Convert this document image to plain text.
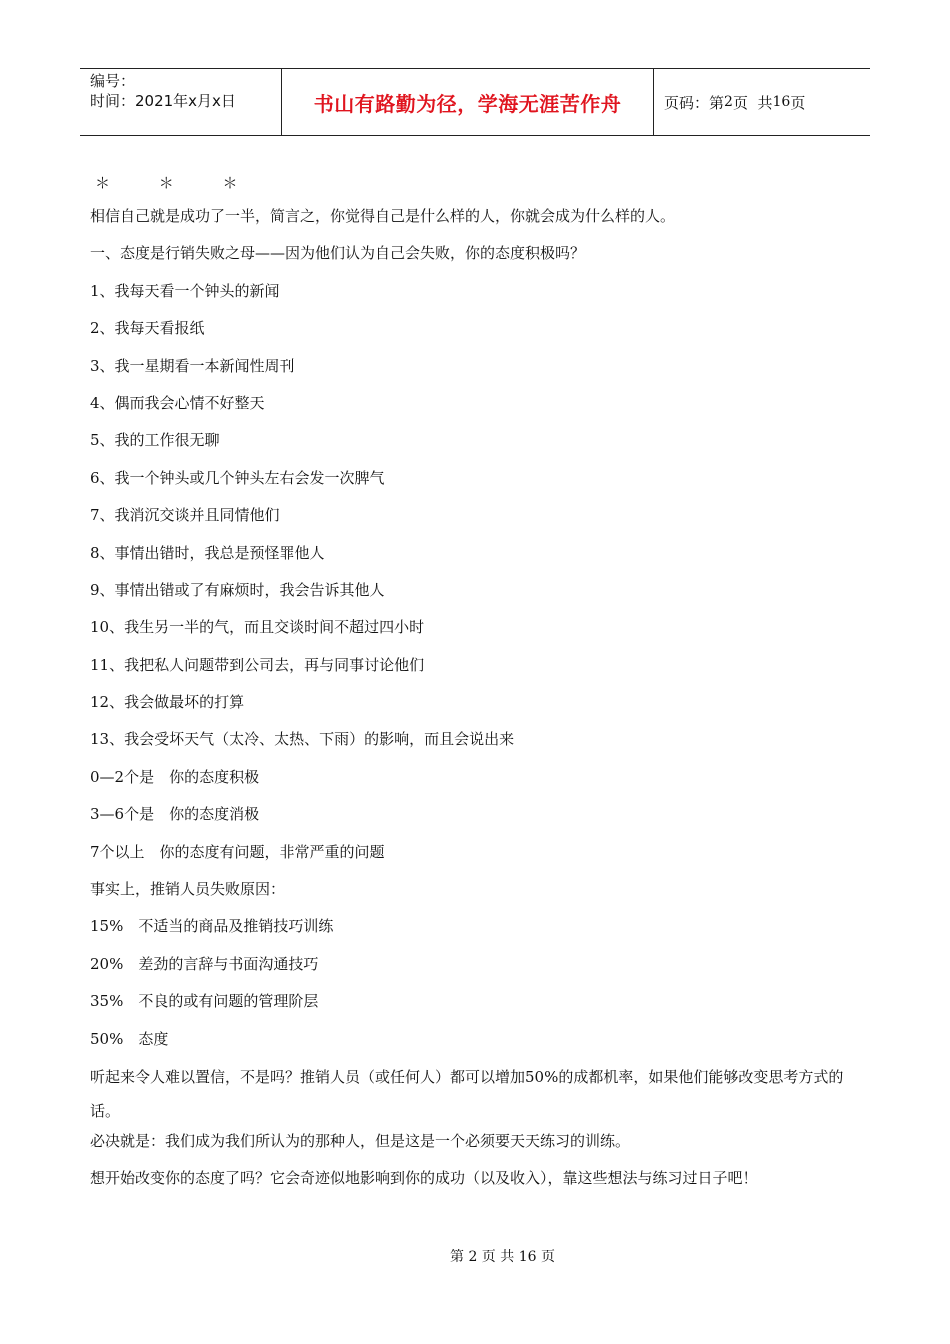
编号：
时间：2021年x月x日	书山有路勤为径，学海无涯苦作舟	页码：第 2 页  共 16 页
＊ ＊ ＊
相信自己就是成功了一半，简言之，你觉得自己是什么样的人，你就会成为什么样的人。
一、态度是行销失败之母——因为他们认为自己会失败，你的态度积极吗？
1、我每天看一个钟头的新闻
2、我每天看报纸
3、我一星期看一本新闻性周刊
4、偶而我会心情不好整天
5、我的工作很无聊
6、我一个钟头或几个钟头左右会发一次脾气
7、我消沉交谈并且同情他们
8、事情出错时，我总是预怪罪他人
9、事情出错或了有麻烦时，我会告诉其他人
10、我生另一半的气，而且交谈时间不超过四小时
11、我把私人问题带到公司去，再与同事讨论他们
12、我会做最坏的打算
13、我会受坏天气（太冷、太热、下雨）的影响，而且会说出来
0—2个是　你的态度积极
3—6个是　你的态度消极
7个以上　你的态度有问题，非常严重的问题
事实上，推销人员失败原因：
15%　不适当的商品及推销技巧训练
20%　差劲的言辞与书面沟通技巧
35%　不良的或有问题的管理阶层
50%　态度
听起来令人难以置信，不是吗？推销人员（或任何人）都可以增加50%的成都机率，如果他们能够改变思考方式的话。
必决就是：我们成为我们所认为的那种人，但是这是一个必须要天天练习的训练。
想开始改变你的态度了吗？它会奇迹似地影响到你的成功（以及收入），靠这些想法与练习过日子吧！
第 2 页 共 16 页
